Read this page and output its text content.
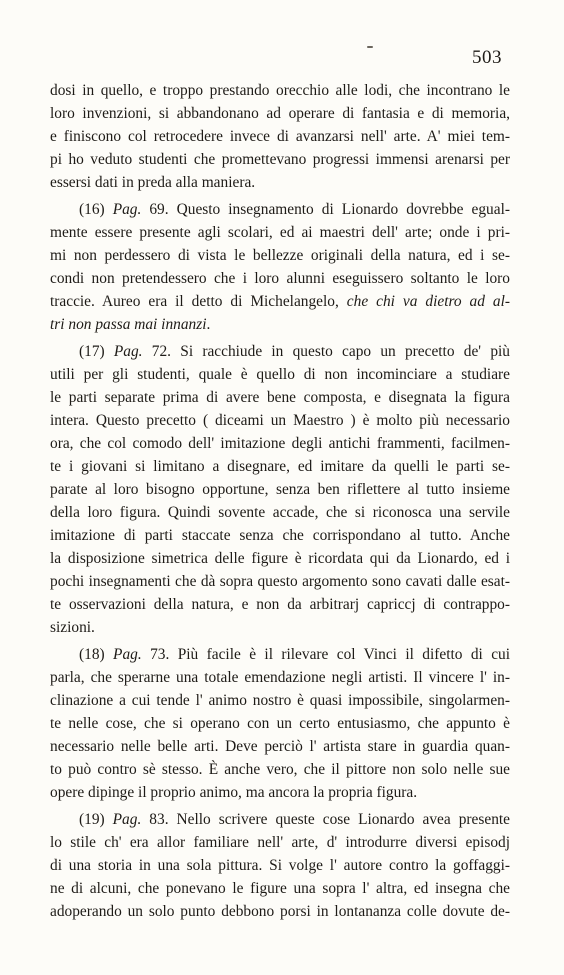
503
dosi in quello, e troppo prestando orecchio alle lodi, che incontrano le
loro invenzioni, si abbandonano ad operare di fantasia e di memoria,
e finiscono col retrocedere invece di avanzarsi nell' arte. A' miei tem-
pi ho veduto studenti che promettevano progressi immensi arenarsi per
essersi dati in preda alla maniera.
(16) Pag. 69. Questo insegnamento di Lionardo dovrebbe egual-
mente essere presente agli scolari, ed ai maestri dell' arte; onde i pri-
mi non perdessero di vista le bellezze originali della natura, ed i se-
condi non pretendessero che i loro alunni eseguissero soltanto le loro
traccie. Aureo era il detto di Michelangelo, che chi va dietro ad al-
tri non passa mai innanzi.
(17) Pag. 72. Si racchiude in questo capo un precetto de' più
utili per gli studenti, quale è quello di non incominciare a studiare
le parti separate prima di avere bene composta, e disegnata la figura
intera. Questo precetto ( diceami un Maestro ) è molto più necessario
ora, che col comodo dell' imitazione degli antichi frammenti, facilmen-
te i giovani si limitano a disegnare, ed imitare da quelli le parti se-
parate al loro bisogno opportune, senza ben riflettere al tutto insieme
della loro figura. Quindi sovente accade, che si riconosca una servile
imitazione di parti staccate senza che corrispondano al tutto. Anche
la disposizione simetrica delle figure è ricordata qui da Lionardo, ed i
pochi insegnamenti che dà sopra questo argomento sono cavati dalle esat-
te osservazioni della natura, e non da arbitrarj capriccj di contrappo-
sizioni.
(18) Pag. 73. Più facile è il rilevare col Vinci il difetto di cui
parla, che sperarne una totale emendazione negli artisti. Il vincere l' in-
clinazione a cui tende l' animo nostro è quasi impossibile, singolarmen-
te nelle cose, che si operano con un certo entusiasmo, che appunto è
necessario nelle belle arti. Deve perciò l' artista stare in guardia quan-
to può contro sè stesso. È anche vero, che il pittore non solo nelle sue
opere dipinge il proprio animo, ma ancora la propria figura.
(19) Pag. 83. Nello scrivere queste cose Lionardo avea presente
lo stile ch' era allor familiare nell' arte, d' introdurre diversi episodj
di una storia in una sola pittura. Si volge l' autore contro la goffaggi-
ne di alcuni, che ponevano le figure una sopra l' altra, ed insegna che
adoperando un solo punto debbono porsi in lontananza colle dovute de-
